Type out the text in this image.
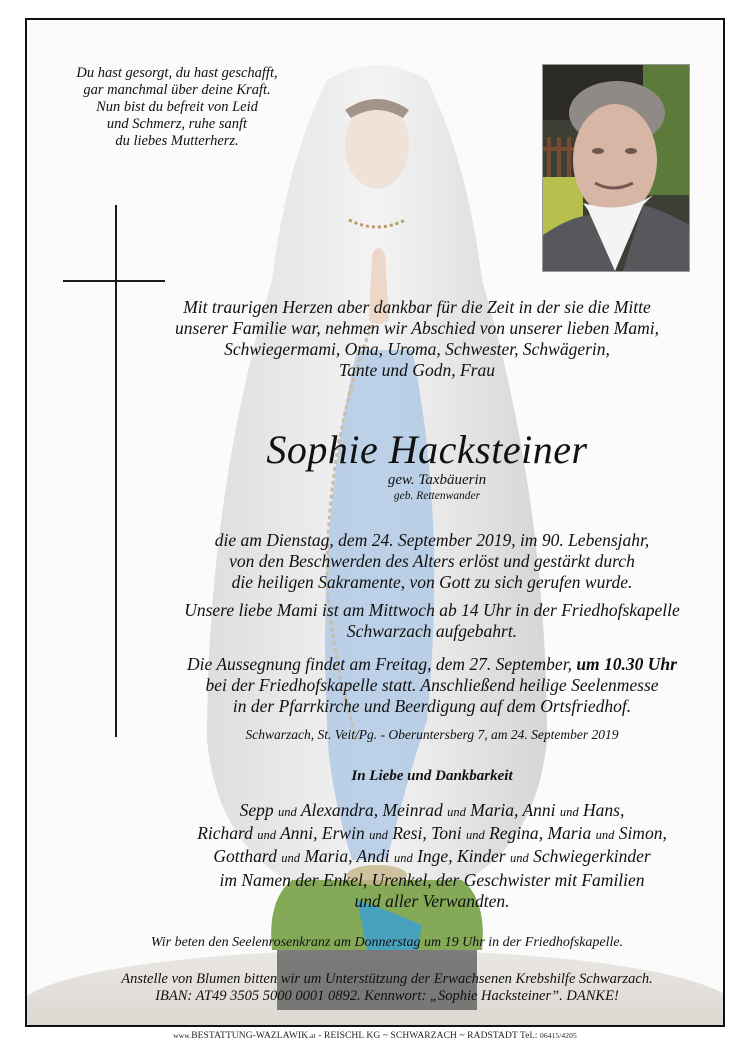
Du hast gesorgt, du hast geschafft,
gar manchmal über deine Kraft.
Nun bist du befreit von Leid
und Schmerz, ruhe sanft
du liebes Mutterherz.
Mit traurigen Herzen aber dankbar für die Zeit in der sie die Mitte
unserer Familie war, nehmen wir Abschied von unserer lieben Mami,
Schwiegermami, Oma, Uroma, Schwester, Schwägerin,
Tante und Godn, Frau
Sophie Hacksteiner
gew. Taxbäuerin
geb. Rettenwander
die am Dienstag, dem 24. September 2019, im 90. Lebensjahr,
von den Beschwerden des Alters erlöst und gestärkt durch
die heiligen Sakramente, von Gott zu sich gerufen wurde.
Unsere liebe Mami ist am Mittwoch ab 14 Uhr in der Friedhofskapelle
Schwarzach aufgebahrt.
Die Aussegnung findet am Freitag, dem 27. September, um 10.30 Uhr
bei der Friedhofskapelle statt. Anschließend heilige Seelenmesse
in der Pfarrkirche und Beerdigung auf dem Ortsfriedhof.
Schwarzach, St. Veit/Pg. - Oberuntersberg 7, am 24. September 2019
In Liebe und Dankbarkeit
Sepp und Alexandra, Meinrad und Maria, Anni und Hans,
Richard und Anni, Erwin und Resi, Toni und Regina, Maria und Simon,
Gotthard und Maria, Andi und Inge, Kinder und Schwiegerkinder
im Namen der Enkel, Urenkel, der Geschwister mit Familien
und aller Verwandten.
Wir beten den Seelenrosenkranz am Donnerstag um 19 Uhr in der Friedhofskapelle.
Anstelle von Blumen bitten wir um Unterstützung der Erwachsenen Krebshilfe Schwarzach.
IBAN: AT49 3505 5000 0001 0892. Kennwort: „Sophie Hacksteiner”. DANKE!
www.BESTATTUNG-WAZLAWIK.at - REISCHL KG ~ SCHWARZACH ~ RADSTADT Tel.: 06415/4205
